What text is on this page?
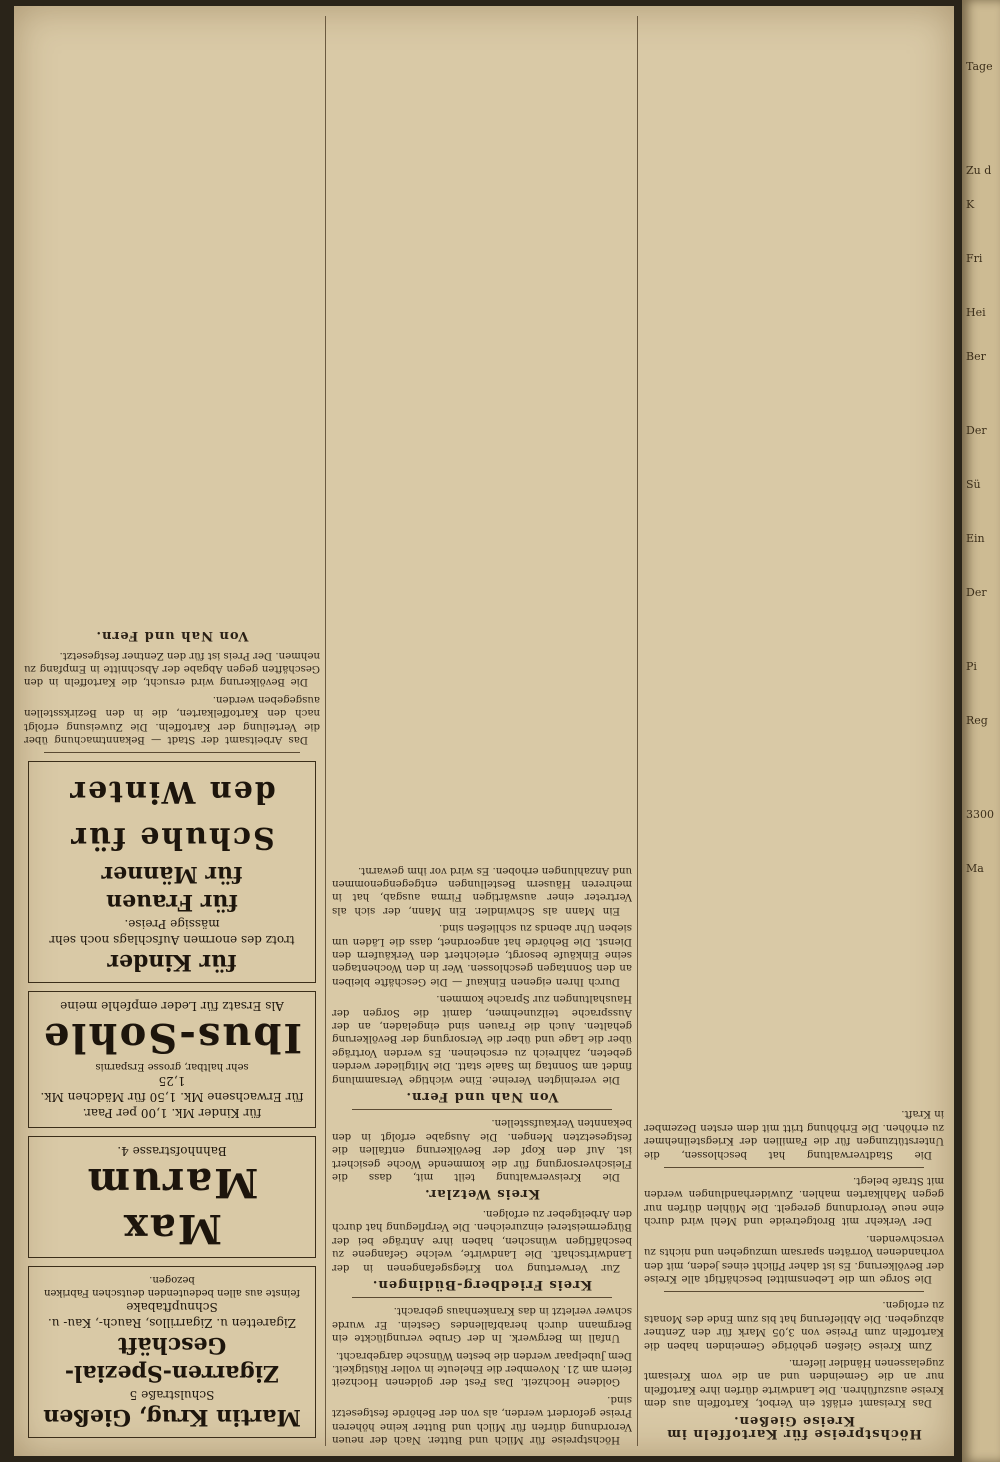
Höchstpreise für Kartoffeln im Kreise Gießen.

Das Kreisamt erläßt ein Verbot, Kartoffeln aus dem Kreise auszuführen. Die Landwirte dürfen ihre Kartoffeln nur an die Gemeinden und an die vom Kreisamt zugelassenen Händler liefern.

Zum Kreise Gießen gehörige Gemeinden haben die Kartoffeln zum Preise von 3,05 Mark für den Zentner abzugeben. Die Ablieferung hat bis zum Ende des Monats zu erfolgen.

Die Sorge um die Lebensmittel beschäftigt alle Kreise der Bevölkerung. Es ist daher Pflicht eines jeden, mit den vorhandenen Vorräten sparsam umzugehen und nichts zu verschwenden.

Der Verkehr mit Brotgetreide und Mehl wird durch eine neue Verordnung geregelt. Die Mühlen dürfen nur gegen Mahlkarten mahlen. Zuwiderhandlungen werden mit Strafe belegt.

Die Stadtverwaltung hat beschlossen, die Unterstützungen für die Familien der Kriegsteilnehmer zu erhöhen. Die Erhöhung tritt mit dem ersten Dezember in Kraft.

Höchstpreise für Milch und Butter. Nach der neuen Verordnung dürfen für Milch und Butter keine höheren Preise gefordert werden, als von der Behörde festgesetzt sind.

Goldene Hochzeit. Das Fest der goldenen Hochzeit feiern am 21. November die Eheleute in voller Rüstigkeit. Dem Jubelpaar werden die besten Wünsche dargebracht.

Unfall im Bergwerk. In der Grube verunglückte ein Bergmann durch herabfallendes Gestein. Er wurde schwer verletzt in das Krankenhaus gebracht.

Kreis Friedberg-Büdingen.

Zur Verwertung von Kriegsgefangenen in der Landwirtschaft. Die Landwirte, welche Gefangene zu beschäftigen wünschen, haben ihre Anträge bei der Bürgermeisterei einzureichen. Die Verpflegung hat durch den Arbeitgeber zu erfolgen.

Kreis Wetzlar.

Die Kreisverwaltung teilt mit, dass die Fleischversorgung für die kommende Woche gesichert ist. Auf den Kopf der Bevölkerung entfallen die festgesetzten Mengen. Die Ausgabe erfolgt in den bekannten Verkaufsstellen.

Von Nah und Fern.

Die vereinigten Vereine. Eine wichtige Versammlung findet am Sonntag im Saale statt. Die Mitglieder werden gebeten, zahlreich zu erscheinen. Es werden Vorträge über die Lage und über die Versorgung der Bevölkerung gehalten. Auch die Frauen sind eingeladen, an der Aussprache teilzunehmen, damit die Sorgen der Haushaltungen zur Sprache kommen.

Durch Ihren eigenen Einkauf — Die Geschäfte bleiben an den Sonntagen geschlossen. Wer in den Wochentagen seine Einkäufe besorgt, erleichtert den Verkäufern den Dienst. Die Behörde hat angeordnet, dass die Läden um sieben Uhr abends zu schließen sind.

Ein Mann als Schwindler. Ein Mann, der sich als Vertreter einer auswärtigen Firma ausgab, hat in mehreren Häusern Bestellungen entgegengenommen und Anzahlungen erhoben. Es wird vor ihm gewarnt.

Martin Krug, Gießen
Schulstraße 5
Zigarren-Spezial-Geschäft
Zigaretten u. Zigarrillos, Rauch-, Kau- u. Schnupftabake
feinste aus allen bedeutenden deutschen Fabriken bezogen.
Max Marum
Bahnhofstrasse 4.
für Kinder Mk. 1,00 per Paar.
für Erwachsene Mk. 1,50 für Mädchen Mk. 1,25
sehr haltbar, grosse Ersparnis
Ibus-Sohle
Als Ersatz für Leder empfehle meine
für Kinder
trotz des enormen Aufschlags noch sehr mässige Preise.
für Frauen
für Männer
Schuhe für den Winter

Das Arbeitsamt der Stadt — Bekanntmachung über die Verteilung der Kartoffeln. Die Zuweisung erfolgt nach den Kartoffelkarten, die in den Bezirksstellen ausgegeben werden.

Die Bevölkerung wird ersucht, die Kartoffeln in den Geschäften gegen Abgabe der Abschnitte in Empfang zu nehmen. Der Preis ist für den Zentner festgesetzt.

Von Nah und Fern.
Tage
Zu d
K
Fri
Hei
Ber
Der
Sü
Ein
Der
Pi
Reg
3300
Ma
